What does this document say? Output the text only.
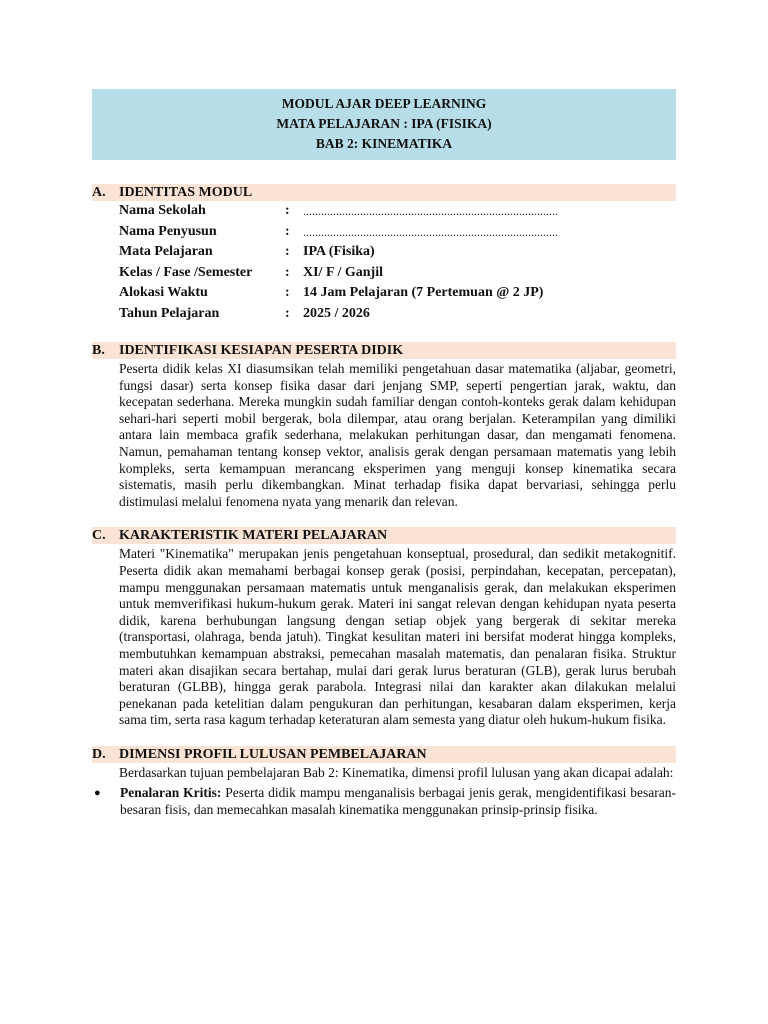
MODUL AJAR DEEP LEARNING
MATA PELAJARAN : IPA (FISIKA)
BAB 2: KINEMATIKA
A. IDENTITAS MODUL
Nama Sekolah	:	.....................................................................................
Nama Penyusun	:	.....................................................................................
Mata Pelajaran	: IPA (Fisika)
Kelas / Fase /Semester	: XI/ F / Ganjil
Alokasi Waktu	: 14 Jam Pelajaran (7 Pertemuan @ 2 JP)
Tahun Pelajaran	: 2025 / 2026
B.	IDENTIFIKASI KESIAPAN PESERTA DIDIK
Peserta didik kelas XI diasumsikan telah memiliki pengetahuan dasar matematika (aljabar, geometri, fungsi dasar) serta konsep fisika dasar dari jenjang SMP, seperti pengertian jarak, waktu, dan kecepatan sederhana. Mereka mungkin sudah familiar dengan contoh-konteks gerak dalam kehidupan sehari-hari seperti mobil bergerak, bola dilempar, atau orang berjalan. Keterampilan yang dimiliki antara lain membaca grafik sederhana, melakukan perhitungan dasar, dan mengamati fenomena. Namun, pemahaman tentang konsep vektor, analisis gerak dengan persamaan matematis yang lebih kompleks, serta kemampuan merancang eksperimen yang menguji konsep kinematika secara sistematis, masih perlu dikembangkan. Minat terhadap fisika dapat bervariasi, sehingga perlu distimulasi melalui fenomena nyata yang menarik dan relevan.
C. KARAKTERISTIK MATERI PELAJARAN
Materi "Kinematika" merupakan jenis pengetahuan konseptual, prosedural, dan sedikit metakognitif. Peserta didik akan memahami berbagai konsep gerak (posisi, perpindahan, kecepatan, percepatan), mampu menggunakan persamaan matematis untuk menganalisis gerak, dan melakukan eksperimen untuk memverifikasi hukum-hukum gerak. Materi ini sangat relevan dengan kehidupan nyata peserta didik, karena berhubungan langsung dengan setiap objek yang bergerak di sekitar mereka (transportasi, olahraga, benda jatuh). Tingkat kesulitan materi ini bersifat moderat hingga kompleks, membutuhkan kemampuan abstraksi, pemecahan masalah matematis, dan penalaran fisika. Struktur materi akan disajikan secara bertahap, mulai dari gerak lurus beraturan (GLB), gerak lurus berubah beraturan (GLBB), hingga gerak parabola. Integrasi nilai dan karakter akan dilakukan melalui penekanan pada ketelitian dalam pengukuran dan perhitungan, kesabaran dalam eksperimen, kerja sama tim, serta rasa kagum terhadap keteraturan alam semesta yang diatur oleh hukum-hukum fisika.
D. DIMENSI PROFIL LULUSAN PEMBELAJARAN
Berdasarkan tujuan pembelajaran Bab 2: Kinematika, dimensi profil lulusan yang akan dicapai adalah:
●	Penalaran Kritis: Peserta didik mampu menganalisis berbagai jenis gerak, mengidentifikasi besaran-besaran fisis, dan memecahkan masalah kinematika menggunakan prinsip-prinsip fisika.
